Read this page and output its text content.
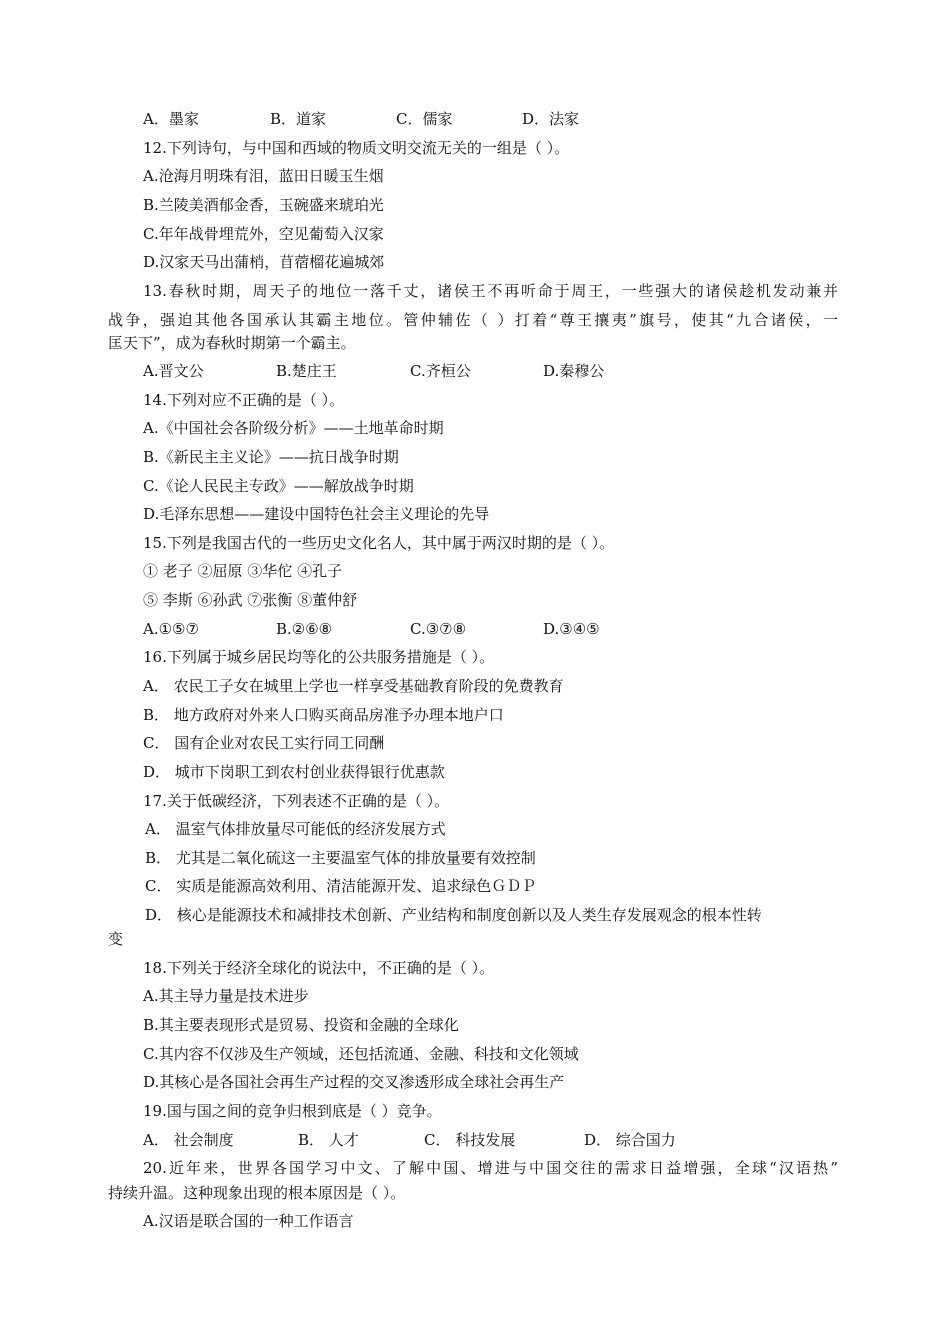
A．墨家	B．道家	C．儒家	D．法家
12.下列诗句，与中国和西域的物质文明交流无关的一组是（ ）。
A.沧海月明珠有泪，蓝田日暖玉生烟
B.兰陵美酒郁金香，玉碗盛来琥珀光
C.年年战骨埋荒外，空见葡萄入汉家
D.汉家天马出蒲梢，苜蓿榴花遍城郊
13.春秋时期，周天子的地位一落千丈，诸侯王不再听命于周王，一些强大的诸侯趁机发动兼并
战争，强迫其他各国承认其霸主地位。管仲辅佐（ ）打着“尊王攘夷”旗号，使其“九合诸侯，一
匡天下”，成为春秋时期第一个霸主。
A.晋文公	B.楚庄王	C.齐桓公	D.秦穆公
14.下列对应不正确的是（ ）。
A.《中国社会各阶级分析》——土地革命时期
B.《新民主主义论》——抗日战争时期
C.《论人民民主专政》——解放战争时期
D.毛泽东思想——建设中国特色社会主义理论的先导
15.下列是我国古代的一些历史文化名人，其中属于两汉时期的是（ ）。
① 老子 ②屈原 ③华佗 ④孔子
⑤ 李斯 ⑥孙武 ⑦张衡 ⑧董仲舒
A.①⑤⑦	B.②⑥⑧	C.③⑦⑧	D.③④⑤
16.下列属于城乡居民均等化的公共服务措施是（ ）。
A． 农民工子女在城里上学也一样享受基础教育阶段的免费教育
B． 地方政府对外来人口购买商品房准予办理本地户口
C． 国有企业对农民工实行同工同酬
D． 城市下岗职工到农村创业获得银行优惠款
17.关于低碳经济，下列表述不正确的是（ ）。
A． 温室气体排放量尽可能低的经济发展方式
B． 尤其是二氧化硫这一主要温室气体的排放量要有效控制
C． 实质是能源高效利用、清洁能源开发、追求绿色ＧＤＰ
D． 核心是能源技术和减排技术创新、产业结构和制度创新以及人类生存发展观念的根本性转
变
18.下列关于经济全球化的说法中，不正确的是（ ）。
A.其主导力量是技术进步
B.其主要表现形式是贸易、投资和金融的全球化
C.其内容不仅涉及生产领域，还包括流通、金融、科技和文化领域
D.其核心是各国社会再生产过程的交叉渗透形成全球社会再生产
19.国与国之间的竞争归根到底是（ ）竞争。
A． 社会制度	B． 人才	C． 科技发展	D． 综合国力
20.近年来，世界各国学习中文、了解中国、增进与中国交往的需求日益增强，全球“汉语热”
持续升温。这种现象出现的根本原因是（ ）。
A.汉语是联合国的一种工作语言
